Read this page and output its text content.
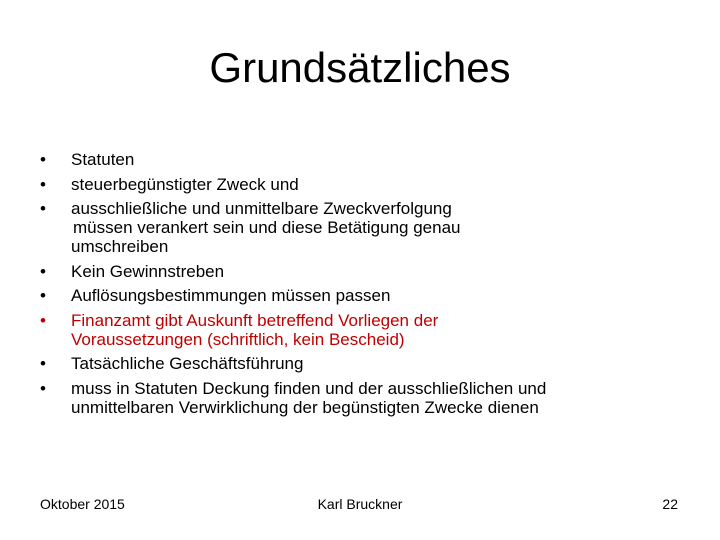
Grundsätzliches
• Statuten
• steuerbegünstigter Zweck und
• ausschließliche und unmittelbare Zweckverfolgung
müssen verankert sein und diese Betätigung genau
umschreiben
• Kein Gewinnstreben
• Auflösungsbestimmungen müssen passen
• Finanzamt gibt Auskunft betreffend Vorliegen der
Voraussetzungen (schriftlich, kein Bescheid)
• Tatsächliche Geschäftsführung
• muss in Statuten Deckung finden und der ausschließlichen und
unmittelbaren Verwirklichung der begünstigten Zwecke dienen
Oktober 2015	Karl Bruckner	22
